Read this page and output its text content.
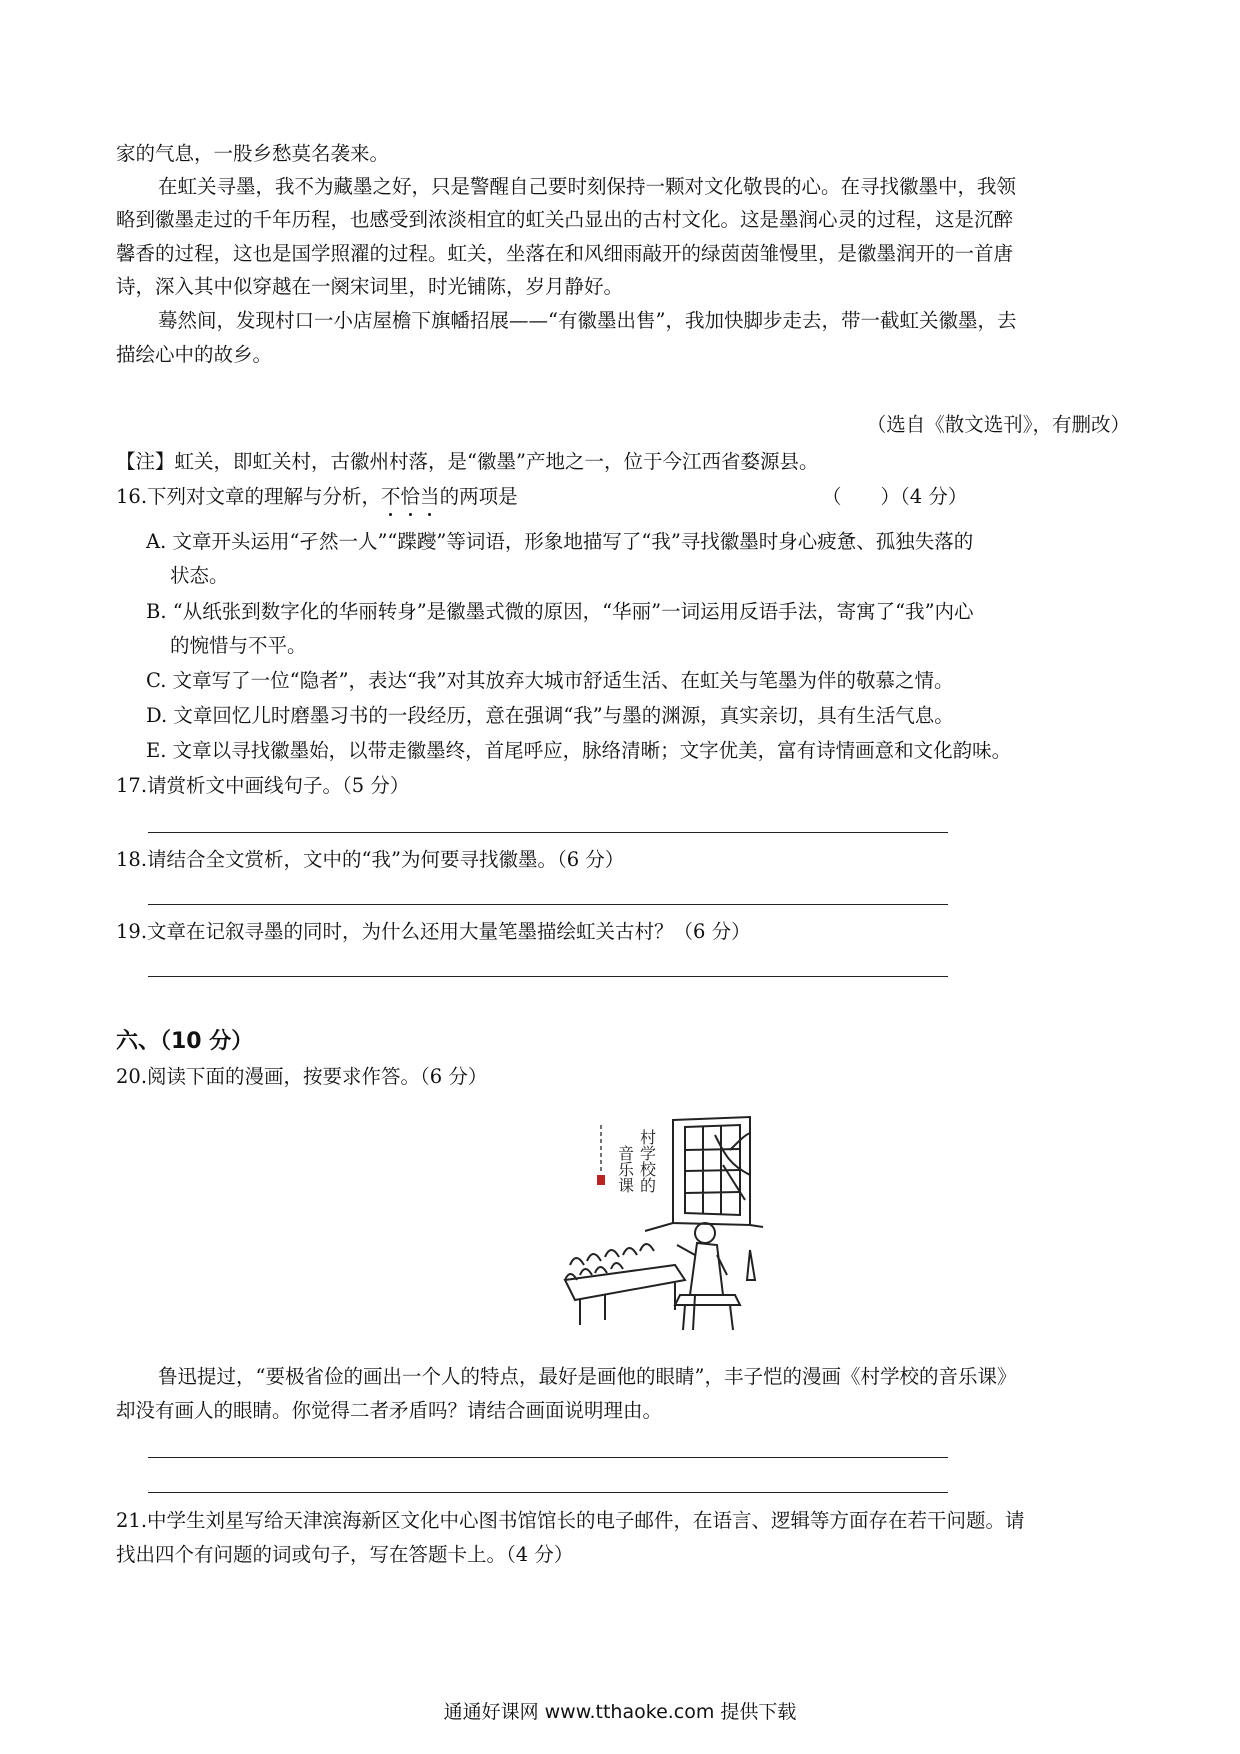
家的气息，一股乡愁莫名袭来。
在虹关寻墨，我不为藏墨之好，只是警醒自己要时刻保持一颗对文化敬畏的心。在寻找徽墨中，我领
略到徽墨走过的千年历程，也感受到浓淡相宜的虹关凸显出的古村文化。这是墨润心灵的过程，这是沉醉
馨香的过程，这也是国学照濯的过程。虹关，坐落在和风细雨敲开的绿茵茵雏慢里，是徽墨润开的一首唐
诗，深入其中似穿越在一阕宋词里，时光铺陈，岁月静好。
蓦然间，发现村口一小店屋檐下旗幡招展——“有徽墨出售”，我加快脚步走去，带一截虹关徽墨，去
描绘心中的故乡。
（选自《散文选刊》，有删改）
【注】虹关，即虹关村，古徽州村落，是“徽墨”产地之一，位于今江西省婺源县。
16.下列对文章的理解与分析，不恰当的两项是	（　　）（4 分）
A. 文章开头运用“孑然一人”“蹀躞”等词语，形象地描写了“我”寻找徽墨时身心疲惫、孤独失落的
状态。
B. “从纸张到数字化的华丽转身”是徽墨式微的原因，“华丽”一词运用反语手法，寄寓了“我”内心
的惋惜与不平。
C. 文章写了一位“隐者”，表达“我”对其放弃大城市舒适生活、在虹关与笔墨为伴的敬慕之情。
D. 文章回忆儿时磨墨习书的一段经历，意在强调“我”与墨的渊源，真实亲切，具有生活气息。
E. 文章以寻找徽墨始，以带走徽墨终，首尾呼应，脉络清晰；文字优美，富有诗情画意和文化韵味。
17.请赏析文中画线句子。（5 分）
18.请结合全文赏析，文中的“我”为何要寻找徽墨。（6 分）
19.文章在记叙寻墨的同时，为什么还用大量笔墨描绘虹关古村？（6 分）
六、（10 分）
20.阅读下面的漫画，按要求作答。（6 分）
村学校的
音乐课
鲁迅提过，“要极省俭的画出一个人的特点，最好是画他的眼睛”，丰子恺的漫画《村学校的音乐课》
却没有画人的眼睛。你觉得二者矛盾吗？请结合画面说明理由。
21.中学生刘星写给天津滨海新区文化中心图书馆馆长的电子邮件，在语言、逻辑等方面存在若干问题。请
找出四个有问题的词或句子，写在答题卡上。（4 分）
通通好课网 www.tthaoke.com 提供下载
